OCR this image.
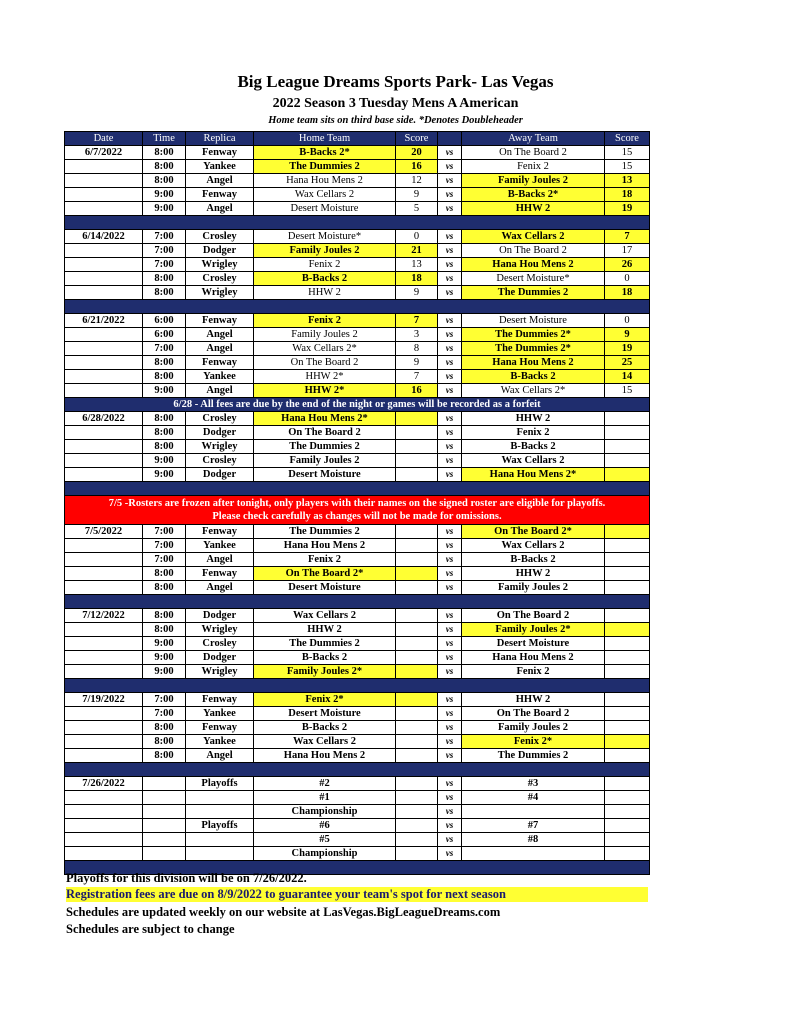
Big League Dreams Sports Park- Las Vegas
2022 Season 3 Tuesday Mens A American
Home team sits on third base side. *Denotes Doubleheader
Date	Time	Replica	Home Team	Score		Away Team	Score
6/7/2022	8:00	Fenway	B-Backs 2*	20	vs	On The Board 2	15
	8:00	Yankee	The Dummies 2	16	vs	Fenix 2	15
	8:00	Angel	Hana Hou Mens 2	12	vs	Family Joules 2	13
	9:00	Fenway	Wax Cellars 2	9	vs	B-Backs 2*	18
	9:00	Angel	Desert Moisture	5	vs	HHW 2	19

6/14/2022	7:00	Crosley	Desert Moisture*	0	vs	Wax Cellars 2	7
	7:00	Dodger	Family Joules 2	21	vs	On The Board 2	17
	7:00	Wrigley	Fenix 2	13	vs	Hana Hou Mens 2	26
	8:00	Crosley	B-Backs 2	18	vs	Desert Moisture*	0
	8:00	Wrigley	HHW 2	9	vs	The Dummies 2	18

6/21/2022	6:00	Fenway	Fenix 2	7	vs	Desert Moisture	0
	6:00	Angel	Family Joules 2	3	vs	The Dummies 2*	9
	7:00	Angel	Wax Cellars 2*	8	vs	The Dummies 2*	19
	8:00	Fenway	On The Board 2	9	vs	Hana Hou Mens 2	25
	8:00	Yankee	HHW 2*	7	vs	B-Backs 2	14
	9:00	Angel	HHW 2*	16	vs	Wax Cellars 2*	15
6/28 - All fees are due by the end of the night or games will be recorded as a forfeit							
6/28/2022	8:00	Crosley	Hana Hou Mens 2*		vs	HHW 2	
	8:00	Dodger	On The Board 2		vs	Fenix 2	
	8:00	Wrigley	The Dummies 2		vs	B-Backs 2	
	9:00	Crosley	Family Joules 2		vs	Wax Cellars 2	
	9:00	Dodger	Desert Moisture		vs	Hana Hou Mens 2*	

7/5 -Rosters are frozen after tonight, only players with their names on the signed roster are eligible for playoffs.
Please check carefully as changes will not be made for omissions.							

7/5/2022	7:00	Fenway	The Dummies 2		vs	On The Board 2*	
	7:00	Yankee	Hana Hou Mens 2		vs	Wax Cellars 2	
	7:00	Angel	Fenix 2		vs	B-Backs 2	
	8:00	Fenway	On The Board 2*		vs	HHW 2	
	8:00	Angel	Desert Moisture		vs	Family Joules 2	

7/12/2022	8:00	Dodger	Wax Cellars 2		vs	On The Board 2	
	8:00	Wrigley	HHW 2		vs	Family Joules 2*	
	9:00	Crosley	The Dummies 2		vs	Desert Moisture	
	9:00	Dodger	B-Backs 2		vs	Hana Hou Mens 2	
	9:00	Wrigley	Family Joules 2*		vs	Fenix 2	

7/19/2022	7:00	Fenway	Fenix 2*		vs	HHW 2	
	7:00	Yankee	Desert Moisture		vs	On The Board 2	
	8:00	Fenway	B-Backs 2		vs	Family Joules 2	
	8:00	Yankee	Wax Cellars 2		vs	Fenix 2*	
	8:00	Angel	Hana Hou Mens 2		vs	The Dummies 2	

7/26/2022		Playoffs	#2		vs	#3	
			#1		vs	#4	
			Championship		vs		
		Playoffs	#6		vs	#7	
			#5		vs	#8	
			Championship		vs		

Playoffs for this division will be on 7/26/2022.
Registration fees are due on 8/9/2022 to guarantee your team's spot for next season
Schedules are updated weekly on our website at LasVegas.BigLeagueDreams.com
Schedules are subject to change
